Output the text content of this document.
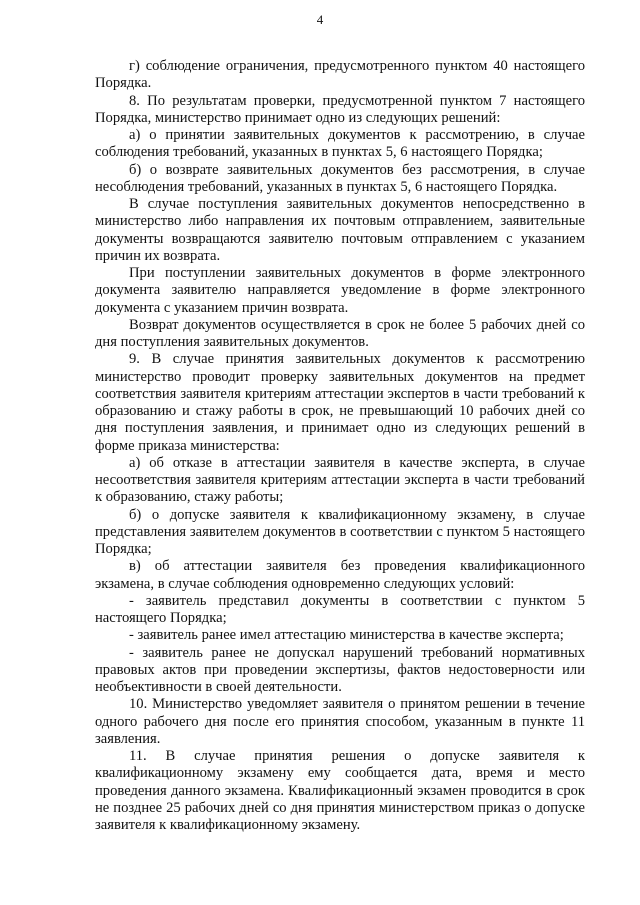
4

г) соблюдение ограничения, предусмотренного пунктом 40 настоящего Порядка.

8. По результатам проверки, предусмотренной пунктом 7 настоящего Порядка, министерство принимает одно из следующих решений:

а) о принятии заявительных документов к рассмотрению, в случае соблюдения требований, указанных в пунктах 5, 6 настоящего Порядка;

б) о возврате заявительных документов без рассмотрения, в случае несоблюдения требований, указанных в пунктах 5, 6 настоящего Порядка.

В случае поступления заявительных документов непосредственно в министерство либо направления их почтовым отправлением, заявительные документы возвращаются заявителю почтовым отправлением с указанием причин их возврата.

При поступлении заявительных документов в форме электронного документа заявителю направляется уведомление в форме электронного документа с указанием причин возврата.

Возврат документов осуществляется в срок не более 5 рабочих дней со дня поступления заявительных документов.

9. В случае принятия заявительных документов к рассмотрению министерство проводит проверку заявительных документов на предмет соответствия заявителя критериям аттестации экспертов в части требований к образованию и стажу работы в срок, не превышающий 10 рабочих дней со дня поступления заявления, и принимает одно из следующих решений в форме приказа министерства:

а) об отказе в аттестации заявителя в качестве эксперта, в случае несоответствия заявителя критериям аттестации эксперта в части требований к образованию, стажу работы;

б) о допуске заявителя к квалификационному экзамену, в случае представления заявителем документов в соответствии с пунктом 5 настоящего Порядка;

в) об аттестации заявителя без проведения квалификационного экзамена, в случае соблюдения одновременно следующих условий:

- заявитель представил документы в соответствии с пунктом 5 настоящего Порядка;

- заявитель ранее имел аттестацию министерства в качестве эксперта;

- заявитель ранее не допускал нарушений требований нормативных правовых актов при проведении экспертизы, фактов недостоверности или необъективности в своей деятельности.

10. Министерство уведомляет заявителя о принятом решении в течение одного рабочего дня после его принятия способом, указанным в пункте 11 заявления.

11. В случае принятия решения о допуске заявителя к квалификационному экзамену ему сообщается дата, время и место проведения данного экзамена. Квалификационный экзамен проводится в срок не позднее 25 рабочих дней со дня принятия министерством приказ о допуске заявителя к квалификационному экзамену.
